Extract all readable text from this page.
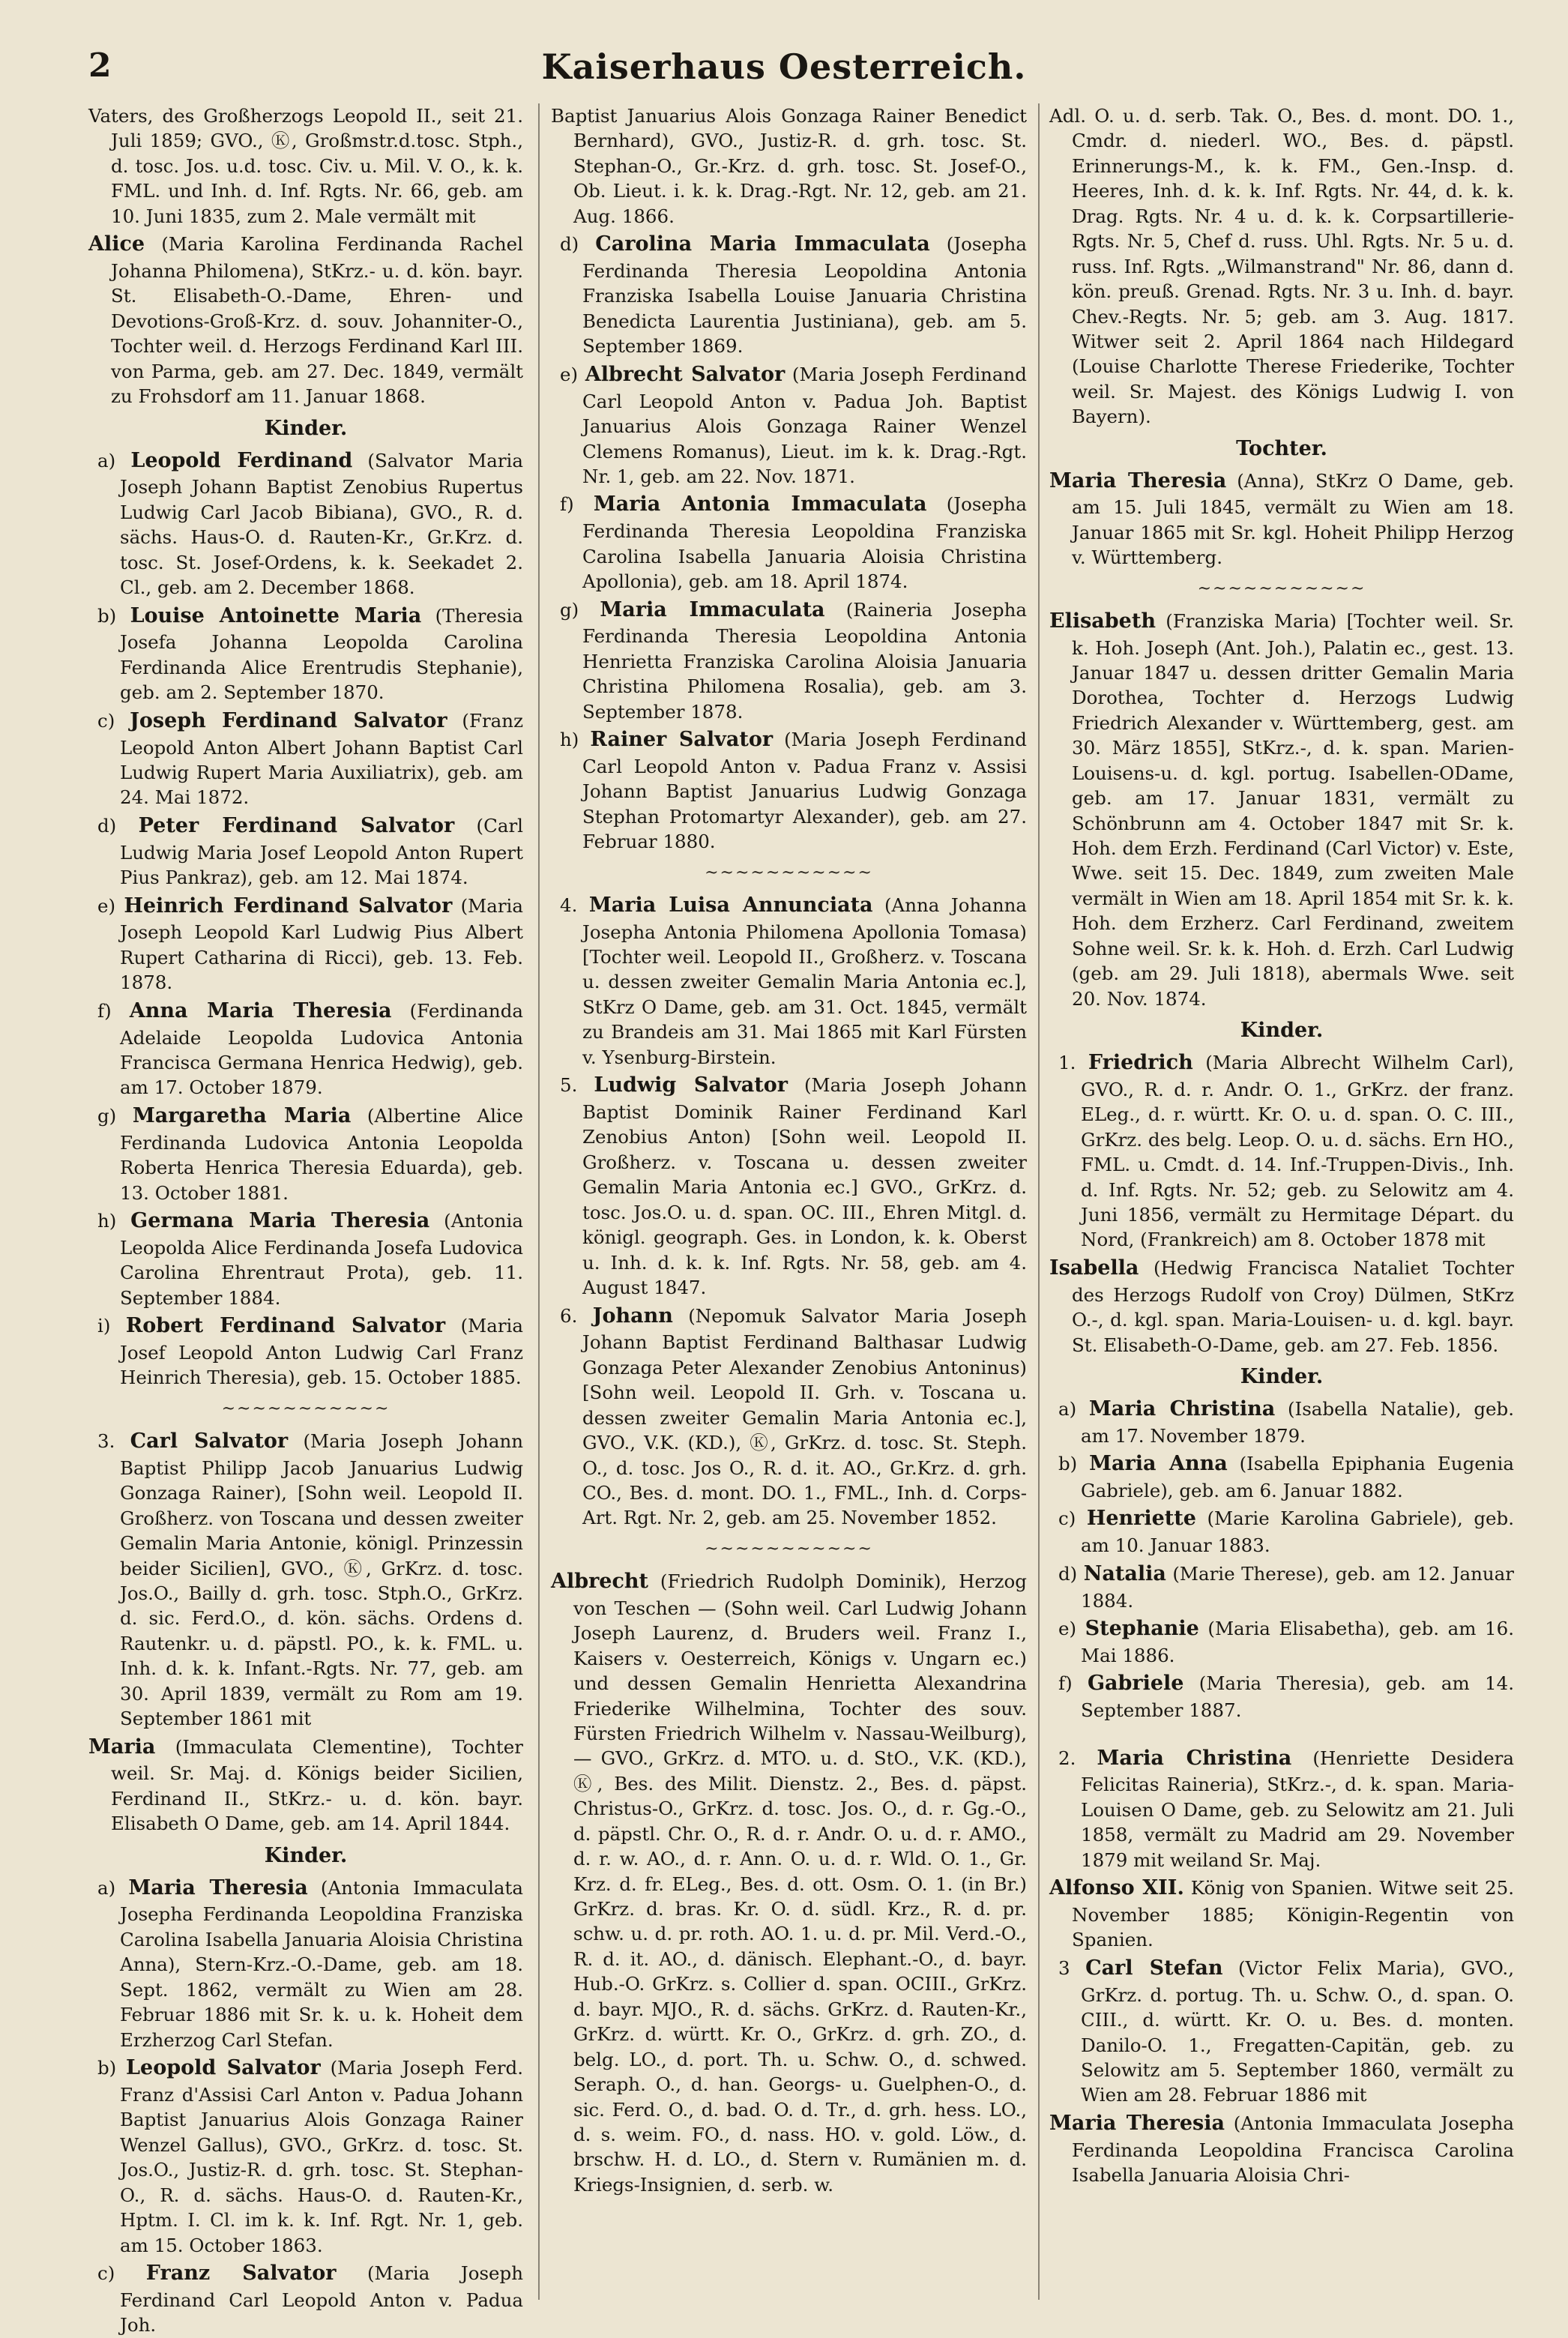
2	Kaiserhaus Oesterreich.

Vaters, des Großherzogs Leopold II., seit 21. Juli 1859; GVO., Ⓚ, Großmstr.d.tosc. Stph., d. tosc. Jos. u.d. tosc. Civ. u. Mil. V. O., k. k. FML. und Inh. d. Inf. Rgts. Nr. 66, geb. am 10. Juni 1835, zum 2. Male vermält mit

Alice (Maria Karolina Ferdinanda Rachel Johanna Philomena), StKrz.- u. d. kön. bayr. St. Elisabeth-O.-Dame, Ehren- und Devotions-Groß-Krz. d. souv. Johanniter-O., Tochter weil. d. Herzogs Ferdinand Karl III. von Parma, geb. am 27. Dec. 1849, vermält zu Frohsdorf am 11. Januar 1868.

Kinder.

a) Leopold Ferdinand (Salvator Maria Joseph Johann Baptist Zenobius Rupertus Ludwig Carl Jacob Bibiana), GVO., R. d. sächs. Haus-O. d. Rauten-Kr., Gr.Krz. d. tosc. St. Josef-Ordens, k. k. Seekadet 2. Cl., geb. am 2. December 1868.

b) Louise Antoinette Maria (Theresia Josefa Johanna Leopolda Carolina Ferdinanda Alice Erentrudis Stephanie), geb. am 2. September 1870.

c) Joseph Ferdinand Salvator (Franz Leopold Anton Albert Johann Baptist Carl Ludwig Rupert Maria Auxiliatrix), geb. am 24. Mai 1872.

d) Peter Ferdinand Salvator (Carl Ludwig Maria Josef Leopold Anton Rupert Pius Pankraz), geb. am 12. Mai 1874.

e) Heinrich Ferdinand Salvator (Maria Joseph Leopold Karl Ludwig Pius Albert Rupert Catharina di Ricci), geb. 13. Feb. 1878.

f) Anna Maria Theresia (Ferdinanda Adelaide Leopolda Ludovica Antonia Francisca Germana Henrica Hedwig), geb. am 17. October 1879.

g) Margaretha Maria (Albertine Alice Ferdinanda Ludovica Antonia Leopolda Roberta Henrica Theresia Eduarda), geb. 13. October 1881.

h) Germana Maria Theresia (Antonia Leopolda Alice Ferdinanda Josefa Ludovica Carolina Ehrentraut Prota), geb. 11. September 1884.

i) Robert Ferdinand Salvator (Maria Josef Leopold Anton Ludwig Carl Franz Heinrich Theresia), geb. 15. October 1885.

~~~~~~~~~~~

3. Carl Salvator (Maria Joseph Johann Baptist Philipp Jacob Januarius Ludwig Gonzaga Rainer), [Sohn weil. Leopold II. Großherz. von Toscana und dessen zweiter Gemalin Maria Antonie, königl. Prinzessin beider Sicilien], GVO., Ⓚ, GrKrz. d. tosc. Jos.O., Bailly d. grh. tosc. Stph.O., GrKrz. d. sic. Ferd.O., d. kön. sächs. Ordens d. Rautenkr. u. d. päpstl. PO., k. k. FML. u. Inh. d. k. k. Infant.-Rgts. Nr. 77, geb. am 30. April 1839, vermält zu Rom am 19. September 1861 mit

Maria (Immaculata Clementine), Tochter weil. Sr. Maj. d. Königs beider Sicilien, Ferdinand II., StKrz.- u. d. kön. bayr. Elisabeth O Dame, geb. am 14. April 1844.

Kinder.

a) Maria Theresia (Antonia Immaculata Josepha Ferdinanda Leopoldina Franziska Carolina Isabella Januaria Aloisia Christina Anna), Stern-Krz.-O.-Dame, geb. am 18. Sept. 1862, vermält zu Wien am 28. Februar 1886 mit Sr. k. u. k. Hoheit dem Erzherzog Carl Stefan.

b) Leopold Salvator (Maria Joseph Ferd. Franz d'Assisi Carl Anton v. Padua Johann Baptist Januarius Alois Gonzaga Rainer Wenzel Gallus), GVO., GrKrz. d. tosc. St. Jos.O., Justiz-R. d. grh. tosc. St. Stephan-O., R. d. sächs. Haus-O. d. Rauten-Kr., Hptm. I. Cl. im k. k. Inf. Rgt. Nr. 1, geb. am 15. October 1863.

c) Franz Salvator (Maria Joseph Ferdinand Carl Leopold Anton v. Padua Joh.

Baptist Januarius Alois Gonzaga Rainer Benedict Bernhard), GVO., Justiz-R. d. grh. tosc. St. Stephan-O., Gr.-Krz. d. grh. tosc. St. Josef-O., Ob. Lieut. i. k. k. Drag.-Rgt. Nr. 12, geb. am 21. Aug. 1866.

d) Carolina Maria Immaculata (Josepha Ferdinanda Theresia Leopoldina Antonia Franziska Isabella Louise Januaria Christina Benedicta Laurentia Justiniana), geb. am 5. September 1869.

e) Albrecht Salvator (Maria Joseph Ferdinand Carl Leopold Anton v. Padua Joh. Baptist Januarius Alois Gonzaga Rainer Wenzel Clemens Romanus), Lieut. im k. k. Drag.-Rgt. Nr. 1, geb. am 22. Nov. 1871.

f) Maria Antonia Immaculata (Josepha Ferdinanda Theresia Leopoldina Franziska Carolina Isabella Januaria Aloisia Christina Apollonia), geb. am 18. April 1874.

g) Maria Immaculata (Raineria Josepha Ferdinanda Theresia Leopoldina Antonia Henrietta Franziska Carolina Aloisia Januaria Christina Philomena Rosalia), geb. am 3. September 1878.

h) Rainer Salvator (Maria Joseph Ferdinand Carl Leopold Anton v. Padua Franz v. Assisi Johann Baptist Januarius Ludwig Gonzaga Stephan Protomartyr Alexander), geb. am 27. Februar 1880.

~~~~~~~~~~~

4. Maria Luisa Annunciata (Anna Johanna Josepha Antonia Philomena Apollonia Tomasa) [Tochter weil. Leopold II., Großherz. v. Toscana u. dessen zweiter Gemalin Maria Antonia ec.], StKrz O Dame, geb. am 31. Oct. 1845, vermält zu Brandeis am 31. Mai 1865 mit Karl Fürsten v. Ysenburg-Birstein.

5. Ludwig Salvator (Maria Joseph Johann Baptist Dominik Rainer Ferdinand Karl Zenobius Anton) [Sohn weil. Leopold II. Großherz. v. Toscana u. dessen zweiter Gemalin Maria Antonia ec.] GVO., GrKrz. d. tosc. Jos.O. u. d. span. OC. III., Ehren Mitgl. d. königl. geograph. Ges. in London, k. k. Oberst u. Inh. d. k. k. Inf. Rgts. Nr. 58, geb. am 4. August 1847.

6. Johann (Nepomuk Salvator Maria Joseph Johann Baptist Ferdinand Balthasar Ludwig Gonzaga Peter Alexander Zenobius Antoninus) [Sohn weil. Leopold II. Grh. v. Toscana u. dessen zweiter Gemalin Maria Antonia ec.], GVO., V.K. (KD.), Ⓚ, GrKrz. d. tosc. St. Steph. O., d. tosc. Jos O., R. d. it. AO., Gr.Krz. d. grh. CO., Bes. d. mont. DO. 1., FML., Inh. d. Corps-Art. Rgt. Nr. 2, geb. am 25. November 1852.

~~~~~~~~~~~

Albrecht (Friedrich Rudolph Dominik), Herzog von Teschen — (Sohn weil. Carl Ludwig Johann Joseph Laurenz, d. Bruders weil. Franz I., Kaisers v. Oesterreich, Königs v. Ungarn ec.) und dessen Gemalin Henrietta Alexandrina Friederike Wilhelmina, Tochter des souv. Fürsten Friedrich Wilhelm v. Nassau-Weilburg), — GVO., GrKrz. d. MTO. u. d. StO., V.K. (KD.), Ⓚ, Bes. des Milit. Dienstz. 2., Bes. d. päpst. Christus-O., GrKrz. d. tosc. Jos. O., d. r. Gg.-O., d. päpstl. Chr. O., R. d. r. Andr. O. u. d. r. AMO., d. r. w. AO., d. r. Ann. O. u. d. r. Wld. O. 1., Gr. Krz. d. fr. ELeg., Bes. d. ott. Osm. O. 1. (in Br.) GrKrz. d. bras. Kr. O. d. südl. Krz., R. d. pr. schw. u. d. pr. roth. AO. 1. u. d. pr. Mil. Verd.-O., R. d. it. AO., d. dänisch. Elephant.-O., d. bayr. Hub.-O. GrKrz. s. Collier d. span. OCIII., GrKrz. d. bayr. MJO., R. d. sächs. GrKrz. d. Rauten-Kr., GrKrz. d. württ. Kr. O., GrKrz. d. grh. ZO., d. belg. LO., d. port. Th. u. Schw. O., d. schwed. Seraph. O., d. han. Georgs- u. Guelphen-O., d. sic. Ferd. O., d. bad. O. d. Tr., d. grh. hess. LO., d. s. weim. FO., d. nass. HO. v. gold. Löw., d. brschw. H. d. LO., d. Stern v. Rumänien m. d. Kriegs-Insignien, d. serb. w.

Adl. O. u. d. serb. Tak. O., Bes. d. mont. DO. 1., Cmdr. d. niederl. WO., Bes. d. päpstl. Erinnerungs-M., k. k. FM., Gen.-Insp. d. Heeres, Inh. d. k. k. Inf. Rgts. Nr. 44, d. k. k. Drag. Rgts. Nr. 4 u. d. k. k. Corpsartillerie-Rgts. Nr. 5, Chef d. russ. Uhl. Rgts. Nr. 5 u. d. russ. Inf. Rgts. „Wilmanstrand" Nr. 86, dann d. kön. preuß. Grenad. Rgts. Nr. 3 u. Inh. d. bayr. Chev.-Regts. Nr. 5; geb. am 3. Aug. 1817. Witwer seit 2. April 1864 nach Hildegard (Louise Charlotte Therese Friederike, Tochter weil. Sr. Majest. des Königs Ludwig I. von Bayern).

Tochter.

Maria Theresia (Anna), StKrz O Dame, geb. am 15. Juli 1845, vermält zu Wien am 18. Januar 1865 mit Sr. kgl. Hoheit Philipp Herzog v. Württemberg.

~~~~~~~~~~~

Elisabeth (Franziska Maria) [Tochter weil. Sr. k. Hoh. Joseph (Ant. Joh.), Palatin ec., gest. 13. Januar 1847 u. dessen dritter Gemalin Maria Dorothea, Tochter d. Herzogs Ludwig Friedrich Alexander v. Württemberg, gest. am 30. März 1855], StKrz.-, d. k. span. Marien-Louisens-u. d. kgl. portug. Isabellen-ODame, geb. am 17. Januar 1831, vermält zu Schönbrunn am 4. October 1847 mit Sr. k. Hoh. dem Erzh. Ferdinand (Carl Victor) v. Este, Wwe. seit 15. Dec. 1849, zum zweiten Male vermält in Wien am 18. April 1854 mit Sr. k. k. Hoh. dem Erzherz. Carl Ferdinand, zweitem Sohne weil. Sr. k. k. Hoh. d. Erzh. Carl Ludwig (geb. am 29. Juli 1818), abermals Wwe. seit 20. Nov. 1874.

Kinder.

1. Friedrich (Maria Albrecht Wilhelm Carl), GVO., R. d. r. Andr. O. 1., GrKrz. der franz. ELeg., d. r. württ. Kr. O. u. d. span. O. C. III., GrKrz. des belg. Leop. O. u. d. sächs. Ern HO., FML. u. Cmdt. d. 14. Inf.-Truppen-Divis., Inh. d. Inf. Rgts. Nr. 52; geb. zu Selowitz am 4. Juni 1856, vermält zu Hermitage Départ. du Nord, (Frankreich) am 8. October 1878 mit

Isabella (Hedwig Francisca Nataliet Tochter des Herzogs Rudolf von Croy) Dülmen, StKrz O.-, d. kgl. span. Maria-Louisen- u. d. kgl. bayr. St. Elisabeth-O-Dame, geb. am 27. Feb. 1856.

Kinder.

a) Maria Christina (Isabella Natalie), geb. am 17. November 1879.

b) Maria Anna (Isabella Epiphania Eugenia Gabriele), geb. am 6. Januar 1882.

c) Henriette (Marie Karolina Gabriele), geb. am 10. Januar 1883.

d) Natalia (Marie Therese), geb. am 12. Januar 1884.

e) Stephanie (Maria Elisabetha), geb. am 16. Mai 1886.

f) Gabriele (Maria Theresia), geb. am 14. September 1887.

2. Maria Christina (Henriette Desidera Felicitas Raineria), StKrz.-, d. k. span. Maria-Louisen O Dame, geb. zu Selowitz am 21. Juli 1858, vermält zu Madrid am 29. November 1879 mit weiland Sr. Maj.

Alfonso XII. König von Spanien. Witwe seit 25. November 1885; Königin-Regentin von Spanien.

3 Carl Stefan (Victor Felix Maria), GVO., GrKrz. d. portug. Th. u. Schw. O., d. span. O. CIII., d. württ. Kr. O. u. Bes. d. monten. Danilo-O. 1., Fregatten-Capitän, geb. zu Selowitz am 5. September 1860, vermält zu Wien am 28. Februar 1886 mit

Maria Theresia (Antonia Immaculata Josepha Ferdinanda Leopoldina Francisca Carolina Isabella Januaria Aloisia Chri-
